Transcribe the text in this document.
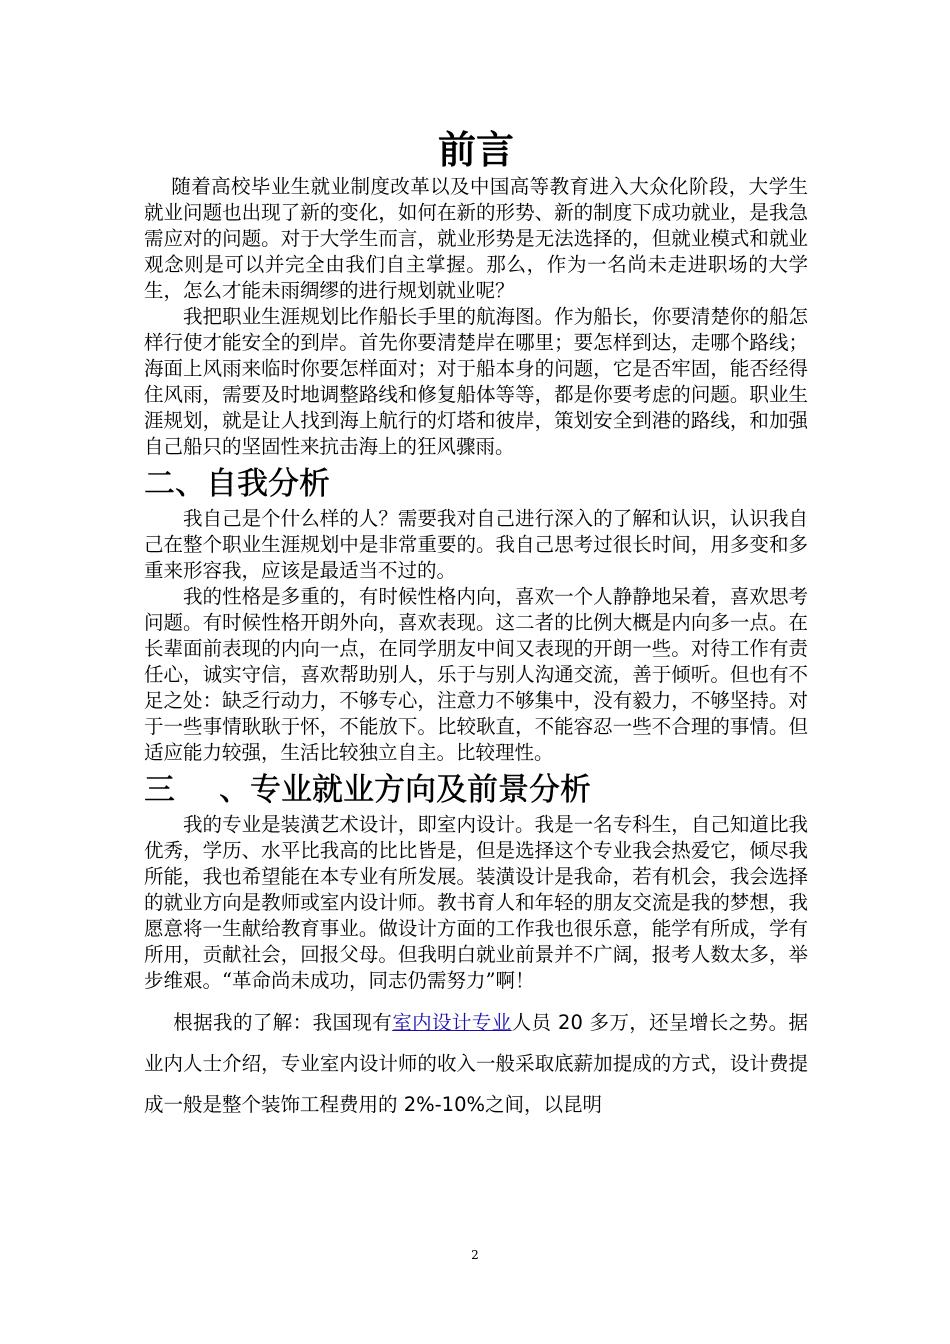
前言

随着高校毕业生就业制度改革以及中国高等教育进入大众化阶段，大学生就业问题也出现了新的变化，如何在新的形势、新的制度下成功就业，是我急需应对的问题。对于大学生而言，就业形势是无法选择的，但就业模式和就业观念则是可以并完全由我们自主掌握。那么，作为一名尚未走进职场的大学生，怎么才能未雨绸缪的进行规划就业呢？

我把职业生涯规划比作船长手里的航海图。作为船长，你要清楚你的船怎样行使才能安全的到岸。首先你要清楚岸在哪里；要怎样到达，走哪个路线；海面上风雨来临时你要怎样面对；对于船本身的问题，它是否牢固，能否经得住风雨，需要及时地调整路线和修复船体等等，都是你要考虑的问题。职业生涯规划，就是让人找到海上航行的灯塔和彼岸，策划安全到港的路线，和加强自己船只的坚固性来抗击海上的狂风骤雨。

二、自我分析

我自己是个什么样的人？需要我对自己进行深入的了解和认识，认识我自己在整个职业生涯规划中是非常重要的。我自己思考过很长时间，用多变和多重来形容我，应该是最适当不过的。

我的性格是多重的，有时候性格内向，喜欢一个人静静地呆着，喜欢思考问题。有时候性格开朗外向，喜欢表现。这二者的比例大概是内向多一点。在长辈面前表现的内向一点，在同学朋友中间又表现的开朗一些。对待工作有责任心，诚实守信，喜欢帮助别人，乐于与别人沟通交流，善于倾听。但也有不足之处：缺乏行动力，不够专心，注意力不够集中，没有毅力，不够坚持。对于一些事情耿耿于怀，不能放下。比较耿直，不能容忍一些不合理的事情。但适应能力较强，生活比较独立自主。比较理性。

三 、专业就业方向及前景分析

我的专业是装潢艺术设计，即室内设计。我是一名专科生，自己知道比我优秀，学历、水平比我高的比比皆是，但是选择这个专业我会热爱它，倾尽我所能，我也希望能在本专业有所发展。装潢设计是我命，若有机会，我会选择的就业方向是教师或室内设计师。教书育人和年轻的朋友交流是我的梦想，我愿意将一生献给教育事业。做设计方面的工作我也很乐意，能学有所成，学有所用，贡献社会，回报父母。但我明白就业前景并不广阔，报考人数太多，举步维艰。“革命尚未成功，同志仍需努力”啊！

根据我的了解：我国现有室内设计专业人员 20 多万，还呈增长之势。据业内人士介绍，专业室内设计师的收入一般采取底薪加提成的方式，设计费提成一般是整个装饰工程费用的 2%-10%之间，以昆明

2
